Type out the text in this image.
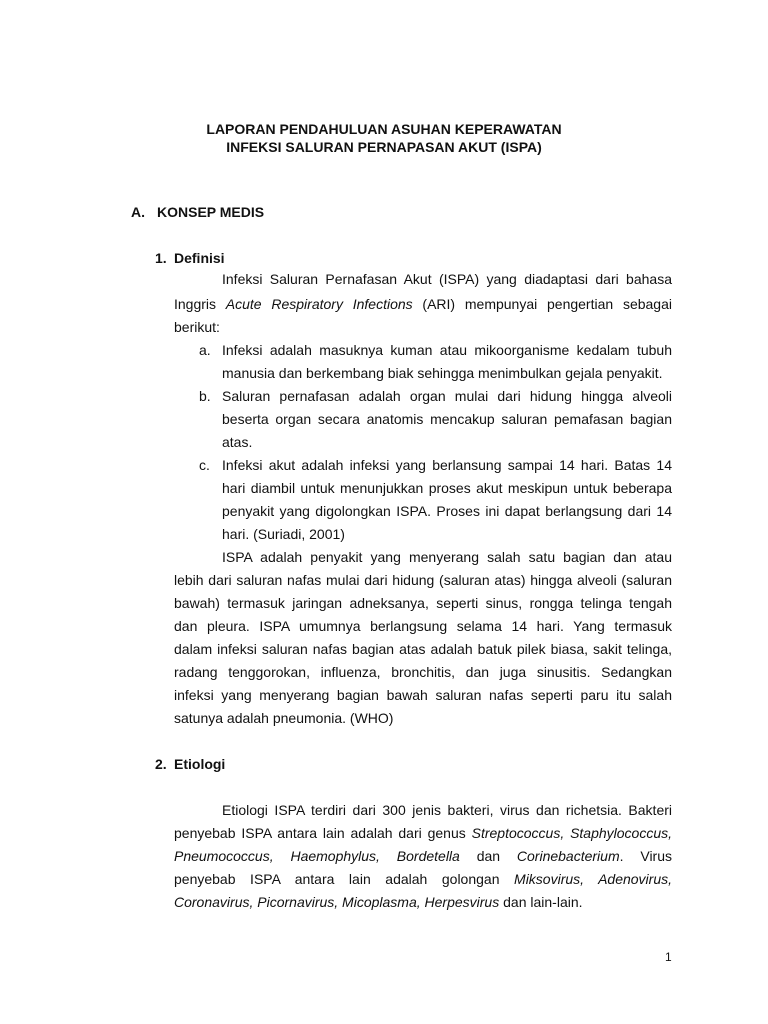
LAPORAN PENDAHULUAN ASUHAN KEPERAWATAN
INFEKSI SALURAN PERNAPASAN AKUT (ISPA)
A. KONSEP MEDIS
1. Definisi
Infeksi Saluran Pernafasan Akut (ISPA) yang diadaptasi dari bahasa
Inggris Acute Respiratory Infections (ARI) mempunyai pengertian sebagai
berikut:
a. Infeksi adalah masuknya kuman atau mikoorganisme kedalam tubuh
manusia dan berkembang biak sehingga menimbulkan gejala penyakit.
b. Saluran pernafasan adalah organ mulai dari hidung hingga alveoli
beserta organ secara anatomis mencakup saluran pemafasan bagian
atas.
c. Infeksi akut adalah infeksi yang berlansung sampai 14 hari. Batas 14
hari diambil untuk menunjukkan proses akut meskipun untuk beberapa
penyakit yang digolongkan ISPA. Proses ini dapat berlangsung dari 14
hari. (Suriadi, 2001)
ISPA adalah penyakit yang menyerang salah satu bagian dan atau
lebih dari saluran nafas mulai dari hidung (saluran atas) hingga alveoli (saluran
bawah) termasuk jaringan adneksanya, seperti sinus, rongga telinga tengah
dan pleura. ISPA umumnya berlangsung selama 14 hari. Yang termasuk
dalam infeksi saluran nafas bagian atas adalah batuk pilek biasa, sakit telinga,
radang tenggorokan, influenza, bronchitis, dan juga sinusitis. Sedangkan
infeksi yang menyerang bagian bawah saluran nafas seperti paru itu salah
satunya adalah pneumonia. (WHO)
2. Etiologi
Etiologi ISPA terdiri dari 300 jenis bakteri, virus dan richetsia. Bakteri
penyebab ISPA antara lain adalah dari genus Streptococcus, Staphylococcus,
Pneumococcus, Haemophylus, Bordetella dan Corinebacterium. Virus
penyebab ISPA antara lain adalah golongan Miksovirus, Adenovirus,
Coronavirus, Picornavirus, Micoplasma, Herpesvirus dan lain-lain.
1
